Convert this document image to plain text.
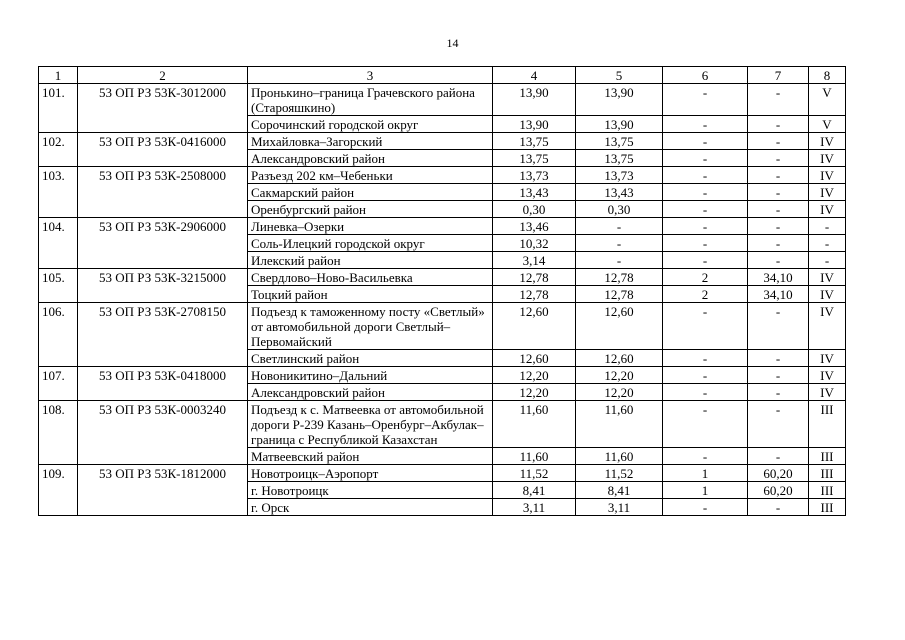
14
1	2	3	4	5	6	7	8
101.	53 ОП РЗ 53К-3012000	Пронькино–граница Грачевского района (Старояшкино)	13,90	13,90	-	-	V
		Сорочинский городской округ	13,90	13,90	-	-	V
102.	53 ОП РЗ 53К-0416000	Михайловка–Загорский	13,75	13,75	-	-	IV
		Александровский район	13,75	13,75	-	-	IV
103.	53 ОП РЗ 53К-2508000	Разъезд 202 км–Чебеньки	13,73	13,73	-	-	IV
		Сакмарский район	13,43	13,43	-	-	IV
		Оренбургский район	0,30	0,30	-	-	IV
104.	53 ОП РЗ 53К-2906000	Линевка–Озерки	13,46	-	-	-	-
		Соль-Илецкий городской округ	10,32	-	-	-	-
		Илекский район	3,14	-	-	-	-
105.	53 ОП РЗ 53К-3215000	Свердлово–Ново-Васильевка	12,78	12,78	2	34,10	IV
		Тоцкий район	12,78	12,78	2	34,10	IV
106.	53 ОП РЗ 53К-2708150	Подъезд к таможенному посту «Светлый» от автомобильной дороги Светлый–Первомайский	12,60	12,60	-	-	IV
		Светлинский район	12,60	12,60	-	-	IV
107.	53 ОП РЗ 53К-0418000	Новоникитино–Дальний	12,20	12,20	-	-	IV
		Александровский район	12,20	12,20	-	-	IV
108.	53 ОП РЗ 53К-0003240	Подъезд к с. Матвеевка от автомобильной дороги Р-239 Казань–Оренбург–Акбулак–граница с Республикой Казахстан	11,60	11,60	-	-	III
		Матвеевский район	11,60	11,60	-	-	III
109.	53 ОП РЗ 53К-1812000	Новотроицк–Аэропорт	11,52	11,52	1	60,20	III
		г. Новотроицк	8,41	8,41	1	60,20	III
		г. Орск	3,11	3,11	-	-	III
